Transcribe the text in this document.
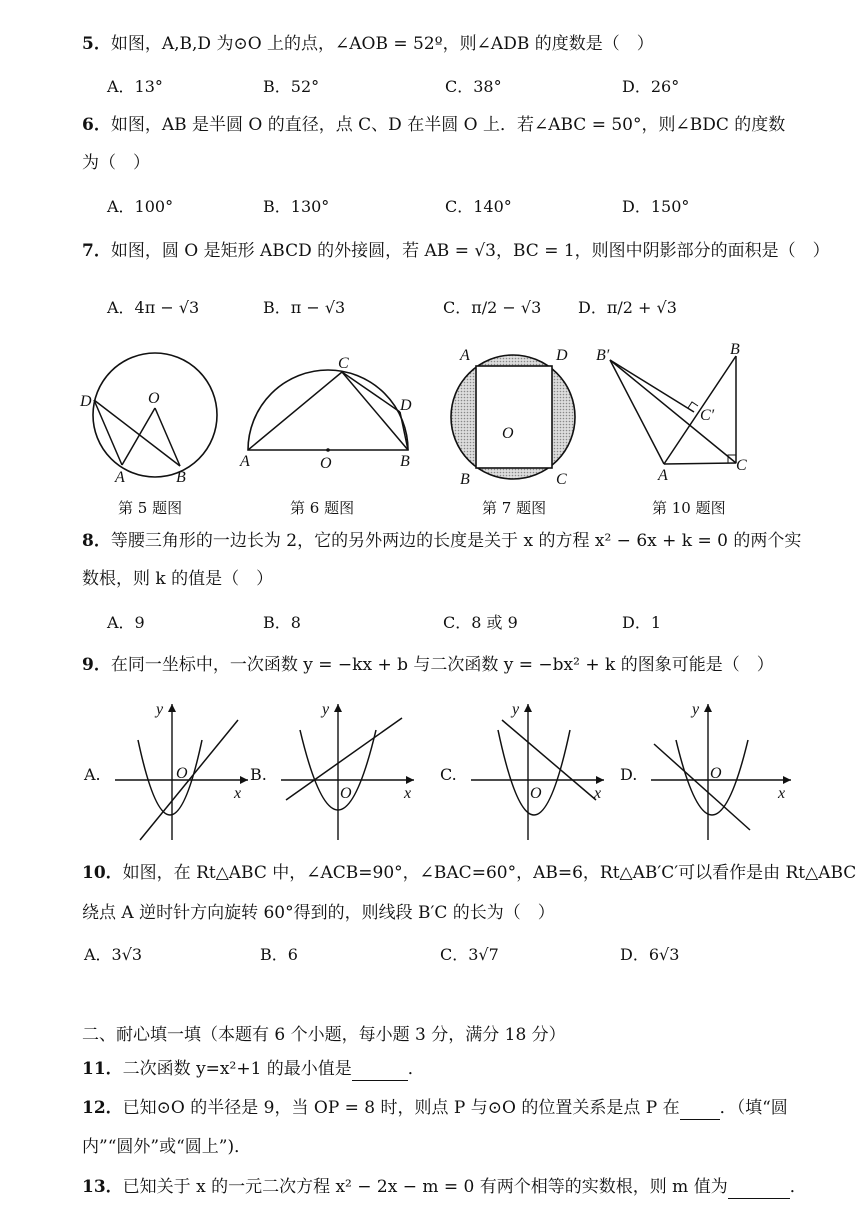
5．如图，A,B,D 为⊙O 上的点，∠AOB = 52º，则∠ADB 的度数是（　）
A．13°	B．52°	C．38°	D．26°
6．如图，AB 是半圆 O 的直径，点 C、D 在半圆 O 上．若∠ABC = 50°，则∠BDC 的度数
为（　）
A．100°	B．130°	C．140°	D．150°
7．如图，圆 O 是矩形 ABCD 的外接圆，若 AB = √3，BC = 1，则图中阴影部分的面积是（　）
A．4π − √3	B．π − √3	C．π/2 − √3 D．π/2 + √3
D	O
A	B
C
D
A	O	B
A	D
O
B	C
B′	B
C′
A
C
第 5 题图	第 6 题图	第 7 题图	第 10 题图
8．等腰三角形的一边长为 2，它的另外两边的长度是关于 x 的方程 x² − 6x + k = 0 的两个实
数根，则 k 的值是（　）
A．9	B．8	C．8 或 9	D．1
9．在同一坐标中，一次函数 y = −kx + b 与二次函数 y = −bx² + k 的图象可能是（　）
A.
y
O
x
B.
y
O	x
C.
y
O	x
D.
y
O
x
10．如图，在 Rt△ABC 中，∠ACB=90°，∠BAC=60°，AB=6，Rt△AB′C′可以看作是由 Rt△ABC
绕点 A 逆时针方向旋转 60°得到的，则线段 B′C 的长为（　）
A．3√3	B．6	C．3√7	D．6√3
二、耐心填一填（本题有 6 个小题，每小题 3 分，满分 18 分）
11．二次函数 y=x²+1 的最小值是	．
12．已知⊙O 的半径是 9，当 OP = 8 时，则点 P 与⊙O 的位置关系是点 P 在 ．（填“圆
内”“圆外”或“圆上”)．
13．已知关于 x 的一元二次方程 x² − 2x − m = 0 有两个相等的实数根，则 m 值为	．
